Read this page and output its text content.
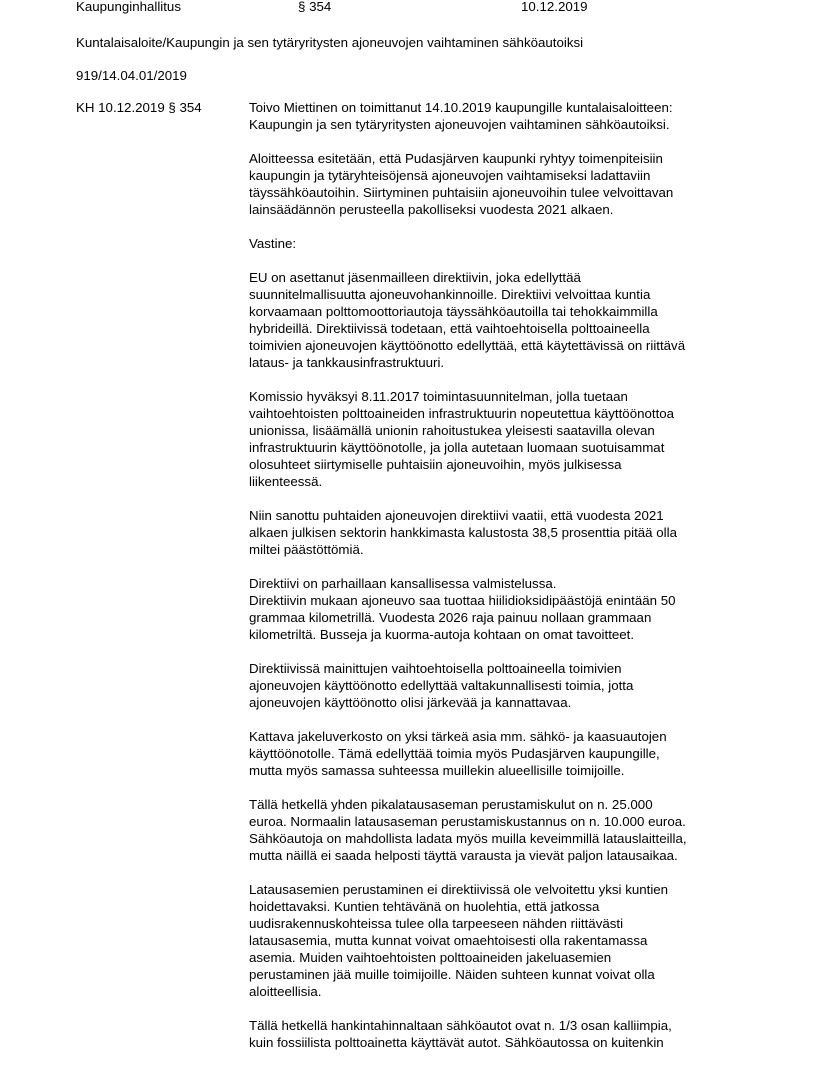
Kaupunginhallitus	§ 354	10.12.2019
Kuntalaisaloite/Kaupungin ja sen tytäryritysten ajoneuvojen vaihtaminen sähköautoiksi
919/14.04.01/2019
KH 10.12.2019 § 354	Toivo Miettinen on toimittanut 14.10.2019 kaupungille kuntalaisaloitteen:
Kaupungin ja sen tytäryritysten ajoneuvojen vaihtaminen sähköautoiksi.
Aloitteessa esitetään, että Pudasjärven kaupunki ryhtyy toimenpiteisiin
kaupungin ja tytäryhteisöjensä ajoneuvojen vaihtamiseksi ladattaviin
täyssähköautoihin. Siirtyminen puhtaisiin ajoneuvoihin tulee velvoittavan
lainsäädännön perusteella pakolliseksi vuodesta 2021 alkaen.
Vastine:
EU on asettanut jäsenmailleen direktiivin, joka edellyttää
suunnitelmallisuutta ajoneuvohankinnoille. Direktiivi velvoittaa kuntia
korvaamaan polttomoottoriautoja täyssähköautoilla tai tehokkaimmilla
hybrideillä. Direktiivissä todetaan, että vaihtoehtoisella polttoaineella
toimivien ajoneuvojen käyttöönotto edellyttää, että käytettävissä on riittävä
lataus- ja tankkausinfrastruktuuri.
Komissio hyväksyi 8.11.2017 toimintasuunnitelman, jolla tuetaan
vaihtoehtoisten polttoaineiden infrastruktuurin nopeutettua käyttöönottoa
unionissa, lisäämällä unionin rahoitustukea yleisesti saatavilla olevan
infrastruktuurin käyttöönotolle, ja jolla autetaan luomaan suotuisammat
olosuhteet siirtymiselle puhtaisiin ajoneuvoihin, myös julkisessa
liikenteessä.
Niin sanottu puhtaiden ajoneuvojen direktiivi vaatii, että vuodesta 2021
alkaen julkisen sektorin hankkimasta kalustosta 38,5 prosenttia pitää olla
miltei päästöttömiä.
Direktiivi on parhaillaan kansallisessa valmistelussa.
Direktiivin mukaan ajoneuvo saa tuottaa hiilidioksidipäästöjä enintään 50
grammaa kilometrillä. Vuodesta 2026 raja painuu nollaan grammaan
kilometriltä. Busseja ja kuorma-autoja kohtaan on omat tavoitteet.
Direktiivissä mainittujen vaihtoehtoisella polttoaineella toimivien
ajoneuvojen käyttöönotto edellyttää valtakunnallisesti toimia, jotta
ajoneuvojen käyttöönotto olisi järkevää ja kannattavaa.
Kattava jakeluverkosto on yksi tärkeä asia mm. sähkö- ja kaasuautojen
käyttöönotolle. Tämä edellyttää toimia myös Pudasjärven kaupungille,
mutta myös samassa suhteessa muillekin alueellisille toimijoille.
Tällä hetkellä yhden pikalatausaseman perustamiskulut on n. 25.000
euroa. Normaalin latausaseman perustamiskustannus on n. 10.000 euroa.
Sähköautoja on mahdollista ladata myös muilla keveimmillä latauslaitteilla,
mutta näillä ei saada helposti täyttä varausta ja vievät paljon latausaikaa.
Latausasemien perustaminen ei direktiivissä ole velvoitettu yksi kuntien
hoidettavaksi. Kuntien tehtävänä on huolehtia, että jatkossa
uudisrakennuskohteissa tulee olla tarpeeseen nähden riittävästi
latausasemia, mutta kunnat voivat omaehtoisesti olla rakentamassa
asemia. Muiden vaihtoehtoisten polttoaineiden jakeluasemien
perustaminen jää muille toimijoille. Näiden suhteen kunnat voivat olla
aloitteellisia.
Tällä hetkellä hankintahinnaltaan sähköautot ovat n. 1/3 osan kalliimpia,
kuin fossiilista polttoainetta käyttävät autot. Sähköautossa on kuitenkin
